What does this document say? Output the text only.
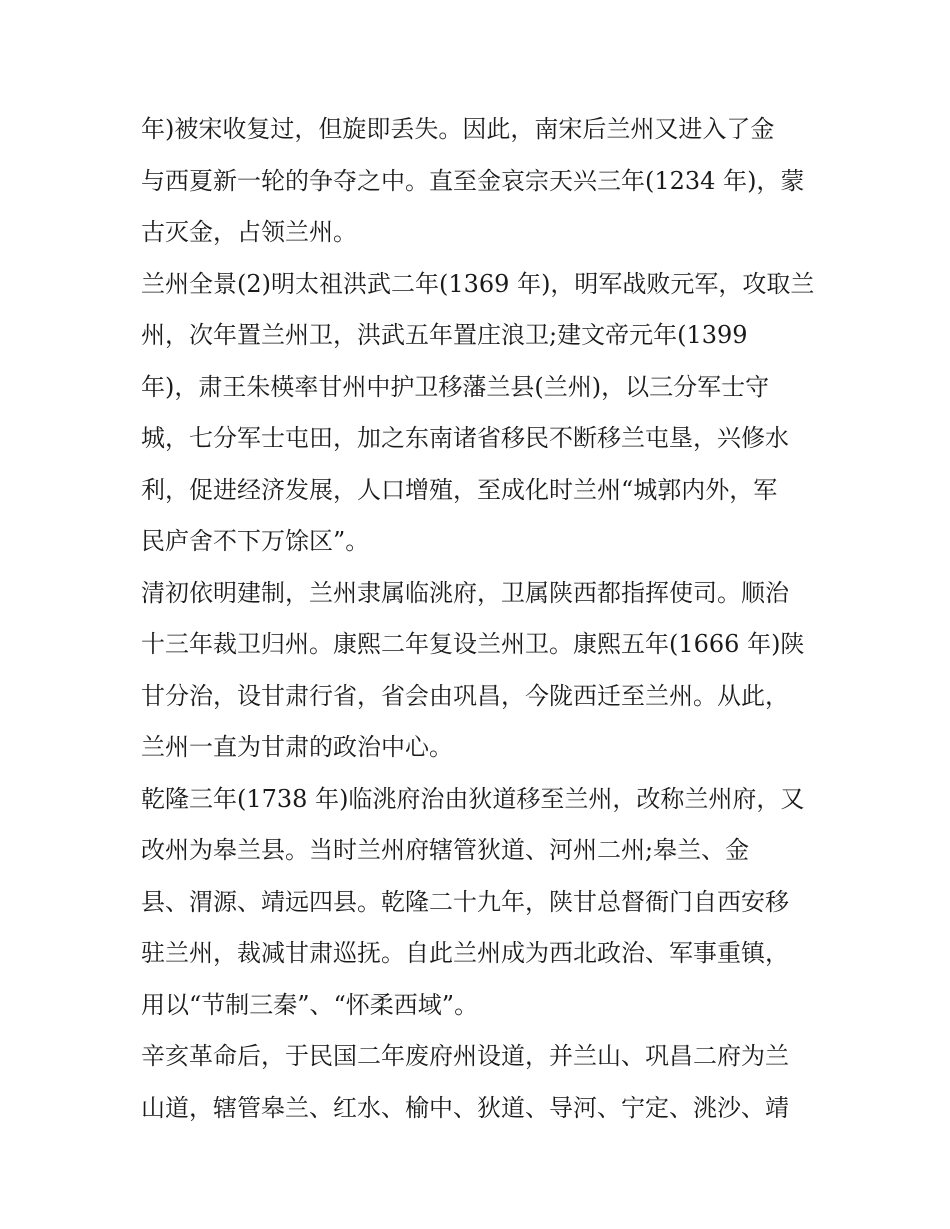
年)被宋收复过，但旋即丢失。因此，南宋后兰州又进入了金
与西夏新一轮的争夺之中。直至金哀宗天兴三年(1234 年)，蒙
古灭金，占领兰州。
兰州全景(2)明太祖洪武二年(1369 年)，明军战败元军，攻取兰
州，次年置兰州卫，洪武五年置庄浪卫;建文帝元年(1399
年)，肃王朱楧率甘州中护卫移藩兰县(兰州)，以三分军士守
城，七分军士屯田，加之东南诸省移民不断移兰屯垦，兴修水
利，促进经济发展，人口增殖，至成化时兰州“城郭内外，军
民庐舍不下万馀区”。
清初依明建制，兰州隶属临洮府，卫属陕西都指挥使司。顺治
十三年裁卫归州。康熙二年复设兰州卫。康熙五年(1666 年)陕
甘分治，设甘肃行省，省会由巩昌，今陇西迁至兰州。从此，
兰州一直为甘肃的政治中心。
乾隆三年(1738 年)临洮府治由狄道移至兰州，改称兰州府，又
改州为皋兰县。当时兰州府辖管狄道、河州二州;皋兰、金
县、渭源、靖远四县。乾隆二十九年，陕甘总督衙门自西安移
驻兰州，裁减甘肃巡抚。自此兰州成为西北政治、军事重镇，
用以“节制三秦”、“怀柔西域”。
辛亥革命后，于民国二年废府州设道，并兰山、巩昌二府为兰
山道，辖管皋兰、红水、榆中、狄道、导河、宁定、洮沙、靖
